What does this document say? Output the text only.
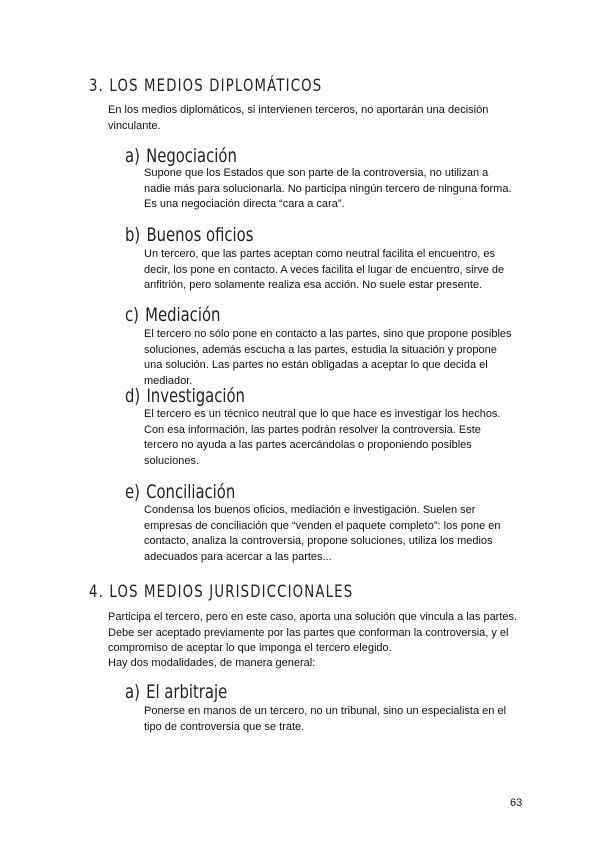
3. LOS MEDIOS DIPLOMÁTICOS

En los medios diplomáticos, si intervienen terceros, no aportarán una decisión vinculante.

a) Negociación

Supone que los Estados que son parte de la controversia, no utilizan a nadie más para solucionarla. No participa ningún tercero de ninguna forma. Es una negociación directa “cara a cara”.

b) Buenos oficios

Un tercero, que las partes aceptan como neutral facilita el encuentro, es decir, los pone en contacto. A veces facilita el lugar de encuentro, sirve de anfitrión, pero solamente realiza esa acción. No suele estar presente.

c) Mediación

El tercero no sólo pone en contacto a las partes, sino que propone posibles soluciones, además escucha a las partes, estudia la situación y propone una solución. Las partes no están obligadas a aceptar lo que decida el mediador.

d) Investigación

El tercero es un técnico neutral que lo que hace es investigar los hechos. Con esa información, las partes podrán resolver la controversia. Este tercero no ayuda a las partes acercándolas o proponiendo posibles soluciones.

e) Conciliación

Condensa los buenos oficios, mediación e investigación. Suelen ser empresas de conciliación que “venden el paquete completo”: los pone en contacto, analiza la controversia, propone soluciones, utiliza los medios adecuados para acercar a las partes...

4. LOS MEDIOS JURISDICCIONALES

Participa el tercero, pero en este caso, aporta una solución que vincula a las partes. Debe ser aceptado previamente por las partes que conforman la controversia, y el compromiso de aceptar lo que imponga el tercero elegido.

Hay dos modalidades, de manera general:

a) El arbitraje

Ponerse en manos de un tercero, no un tribunal, sino un especialista en el tipo de controversia que se trate.

63
